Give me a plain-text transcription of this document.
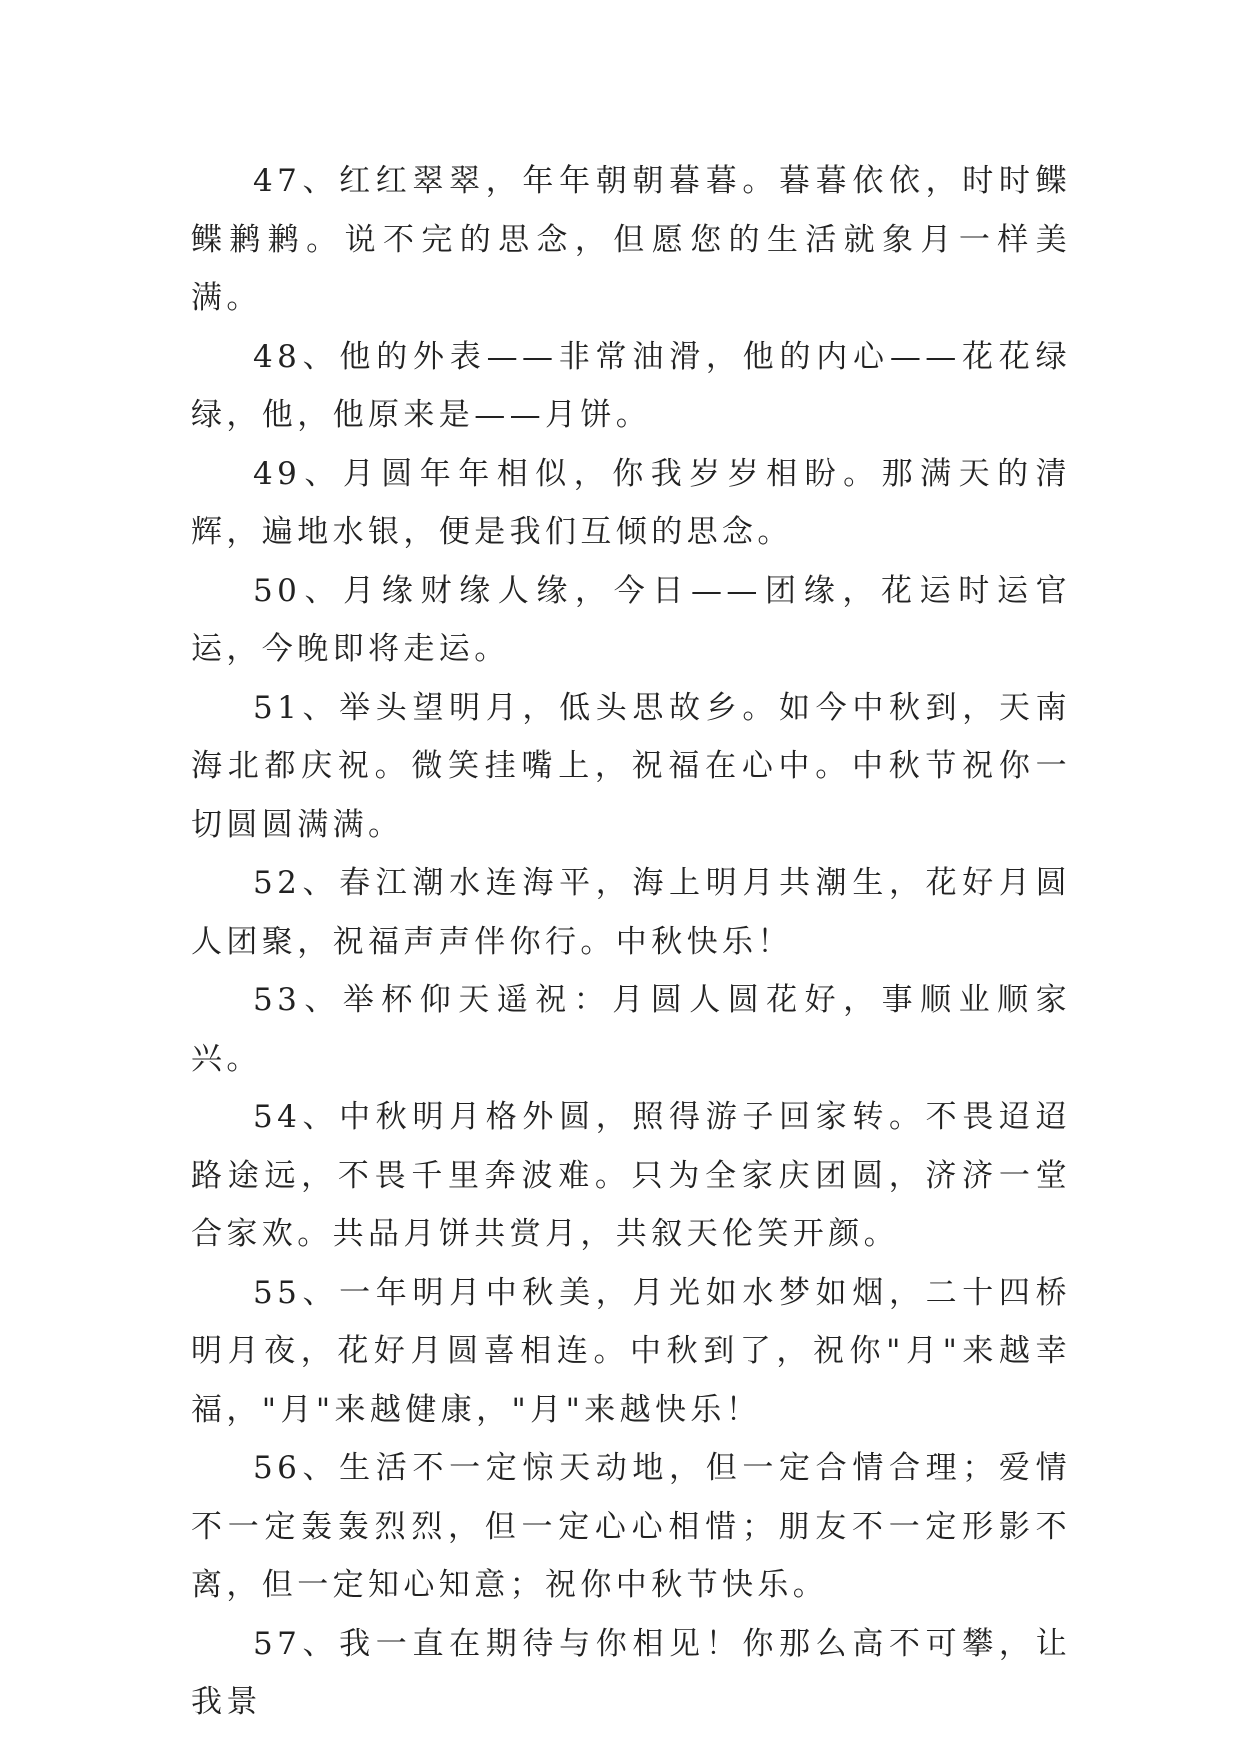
47、红红翠翠，年年朝朝暮暮。暮暮依依，时时鲽鲽鹣鹣。说不完的思念，但愿您的生活就象月一样美满。

48、他的外表——非常油滑，他的内心——花花绿绿，他，他原来是——月饼。

49、月圆年年相似，你我岁岁相盼。那满天的清辉，遍地水银，便是我们互倾的思念。

50、月缘财缘人缘，今日——团缘，花运时运官运，今晚即将走运。

51、举头望明月，低头思故乡。如今中秋到，天南海北都庆祝。微笑挂嘴上，祝福在心中。中秋节祝你一切圆圆满满。

52、春江潮水连海平，海上明月共潮生，花好月圆人团聚，祝福声声伴你行。中秋快乐！

53、举杯仰天遥祝：月圆人圆花好，事顺业顺家兴。

54、中秋明月格外圆，照得游子回家转。不畏迢迢路途远，不畏千里奔波难。只为全家庆团圆，济济一堂合家欢。共品月饼共赏月，共叙天伦笑开颜。

55、一年明月中秋美，月光如水梦如烟，二十四桥明月夜，花好月圆喜相连。中秋到了，祝你"月"来越幸福，"月"来越健康，"月"来越快乐！

56、生活不一定惊天动地，但一定合情合理；爱情不一定轰轰烈烈，但一定心心相惜；朋友不一定形影不离，但一定知心知意；祝你中秋节快乐。

57、我一直在期待与你相见！你那么高不可攀，让我景
